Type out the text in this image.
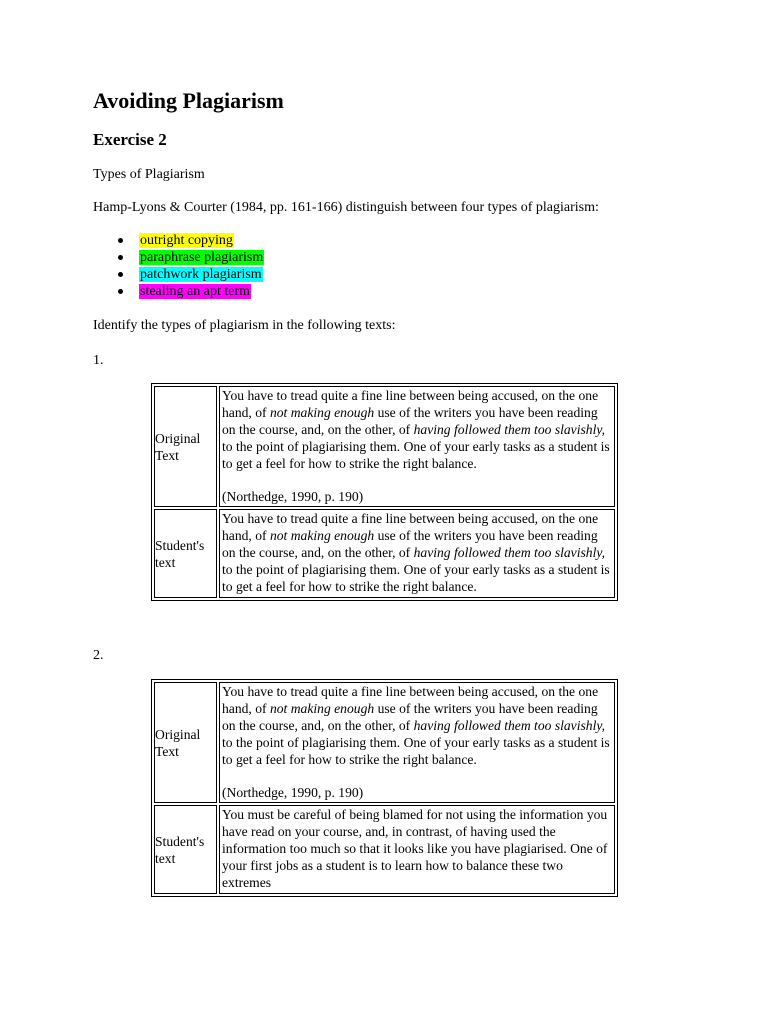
Avoiding Plagiarism
Exercise 2

Types of Plagiarism

Hamp-Lyons & Courter (1984, pp. 161-166) distinguish between four types of plagiarism:

outright copying
paraphrase plagiarism
patchwork plagiarism
stealing an apt term

Identify the types of plagiarism in the following texts:

1.

Original Text	You have to tread quite a fine line between being accused, on the one hand, of not making enough use of the writers you have been reading on the course, and, on the other, of having followed them too slavishly, to the point of plagiarising them. One of your early tasks as a student is to get a feel for how to strike the right balance.
(Northedge, 1990, p. 190)

Student's text	You have to tread quite a fine line between being accused, on the one hand, of not making enough use of the writers you have been reading on the course, and, on the other, of having followed them too slavishly, to the point of plagiarising them. One of your early tasks as a student is to get a feel for how to strike the right balance.

2.

Original Text	You have to tread quite a fine line between being accused, on the one hand, of not making enough use of the writers you have been reading on the course, and, on the other, of having followed them too slavishly, to the point of plagiarising them. One of your early tasks as a student is to get a feel for how to strike the right balance.
(Northedge, 1990, p. 190)

Student's text	You must be careful of being blamed for not using the information you have read on your course, and, in contrast, of having used the information too much so that it looks like you have plagiarised. One of your first jobs as a student is to learn how to balance these two extremes
